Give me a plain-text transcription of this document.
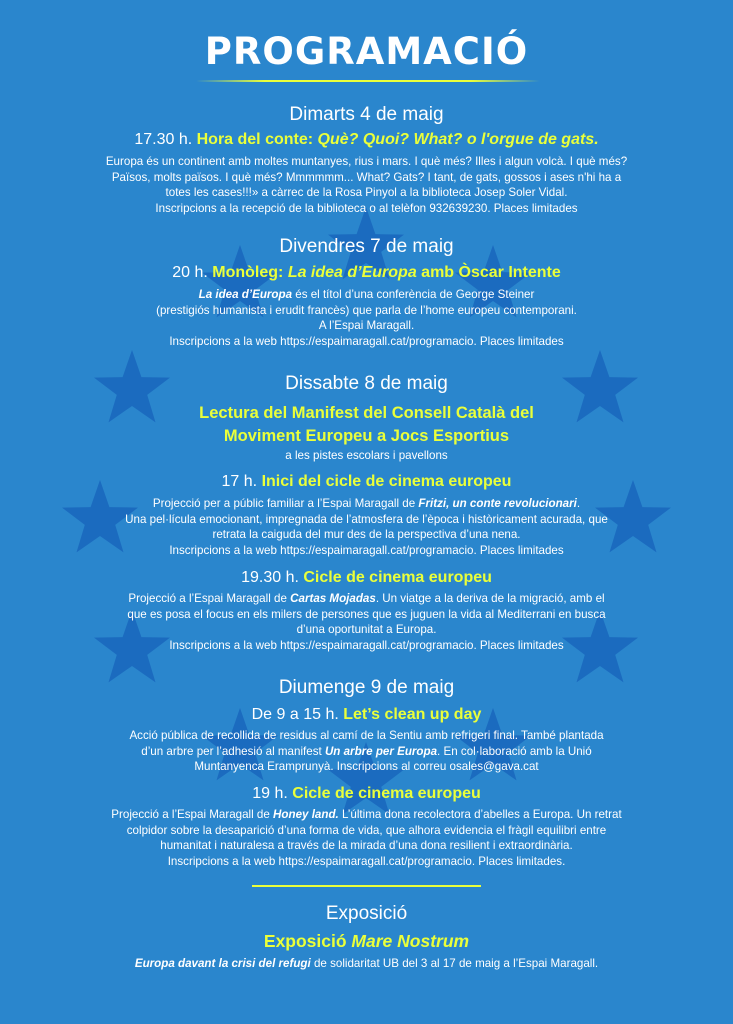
PROGRAMACIÓ
Dimarts 4 de maig
17.30 h. Hora del conte: Què? Quoi? What? o l'orgue de gats.
Europa és un continent amb moltes muntanyes, rius i mars. I què més? Illes i algun volcà. I què més?
Països, molts països. I què més? Mmmmmm... What? Gats? I tant, de gats, gossos i ases n'hi ha a
totes les cases!!!» a càrrec de la Rosa Pinyol a la biblioteca Josep Soler Vidal.
Inscripcions a la recepció de la biblioteca o al telèfon 932639230. Places limitades
Divendres 7 de maig
20 h. Monòleg: La idea d’Europa amb Òscar Intente
La idea d’Europa és el títol d’una conferència de George Steiner
(prestigiós humanista i erudit francès) que parla de l’home europeu contemporani.
A l’Espai Maragall.
Inscripcions a la web https://espaimaragall.cat/programacio. Places limitades
Dissabte 8 de maig
Lectura del Manifest del Consell Català del
Moviment Europeu a Jocs Esportius
a les pistes escolars i pavellons
17 h. Inici del cicle de cinema europeu
Projecció per a públic familiar a l’Espai Maragall de Fritzi, un conte revolucionari.
Una pel·lícula emocionant, impregnada de l’atmosfera de l’època i històricament acurada, que
retrata la caiguda del mur des de la perspectiva d’una nena.
Inscripcions a la web https://espaimaragall.cat/programacio. Places limitades
19.30 h. Cicle de cinema europeu
Projecció a l’Espai Maragall de Cartas Mojadas. Un viatge a la deriva de la migració, amb el
que es posa el focus en els milers de persones que es juguen la vida al Mediterrani en busca
d’una oportunitat a Europa.
Inscripcions a la web https://espaimaragall.cat/programacio. Places limitades
Diumenge 9 de maig
De 9 a 15 h. Let’s clean up day
Acció pública de recollida de residus al camí de la Sentiu amb refrigeri final. També plantada
d’un arbre per l’adhesió al manifest Un arbre per Europa. En col·laboració amb la Unió
Muntanyenca Eramprunyà. Inscripcions al correu osales@gava.cat
19 h. Cicle de cinema europeu
Projecció a l’Espai Maragall de Honey land. L’última dona recolectora d’abelles a Europa. Un retrat
colpidor sobre la desaparició d’una forma de vida, que alhora evidencia el fràgil equilibri entre
humanitat i naturalesa a través de la mirada d’una dona resilient i extraordinària.
Inscripcions a la web https://espaimaragall.cat/programacio. Places limitades.
Exposició
Exposició Mare Nostrum
Europa davant la crisi del refugi de solidaritat UB del 3 al 17 de maig a l’Espai Maragall.
